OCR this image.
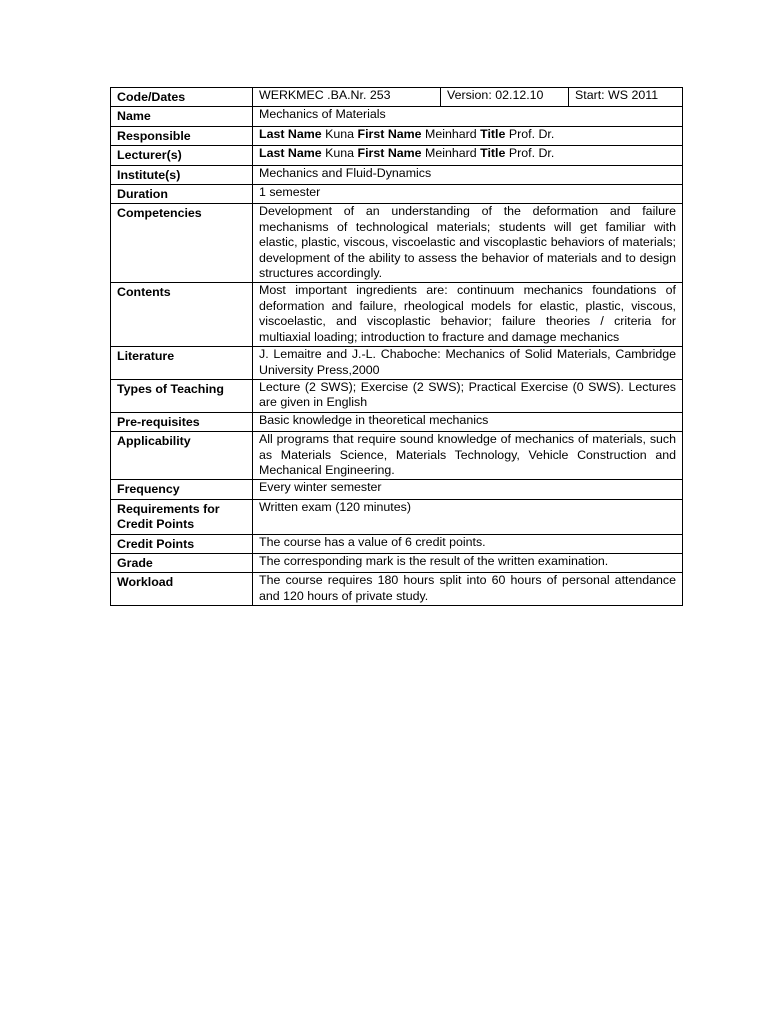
Code/Dates	WERKMEC .BA.Nr. 253	Version: 02.12.10	Start: WS 2011
Name	Mechanics of Materials		
Responsible	Last Name Kuna First Name Meinhard Title Prof. Dr.		
Lecturer(s)	Last Name Kuna First Name Meinhard Title Prof. Dr.		
Institute(s)	Mechanics and Fluid-Dynamics		
Duration	1 semester		
Competencies	Development of an understanding of the deformation and failure mechanisms of technological materials; students will get familiar with elastic, plastic, viscous, viscoelastic and viscoplastic behaviors of materials; development of the ability to assess the behavior of materials and to design structures accordingly.		
Contents	Most important ingredients are: continuum mechanics foundations of deformation and failure, rheological models for elastic, plastic, viscous, viscoelastic, and viscoplastic behavior; failure theories / criteria for multiaxial loading; introduction to fracture and damage mechanics		
Literature	J. Lemaitre and J.-L. Chaboche: Mechanics of Solid Materials, Cambridge University Press,2000		
Types of Teaching	Lecture (2 SWS); Exercise (2 SWS); Practical Exercise (0 SWS). Lectures are given in English		
Pre-requisites	Basic knowledge in theoretical mechanics		
Applicability	All programs that require sound knowledge of mechanics of materials, such as Materials Science, Materials Technology, Vehicle Construction and Mechanical Engineering.		
Frequency	Every winter semester		
Requirements for Credit Points	Written exam (120 minutes)		
Credit Points	The course has a value of 6 credit points.		
Grade	The corresponding mark is the result of the written examination.		
Workload	The course requires 180 hours split into 60 hours of personal attendance and 120 hours of private study.		
